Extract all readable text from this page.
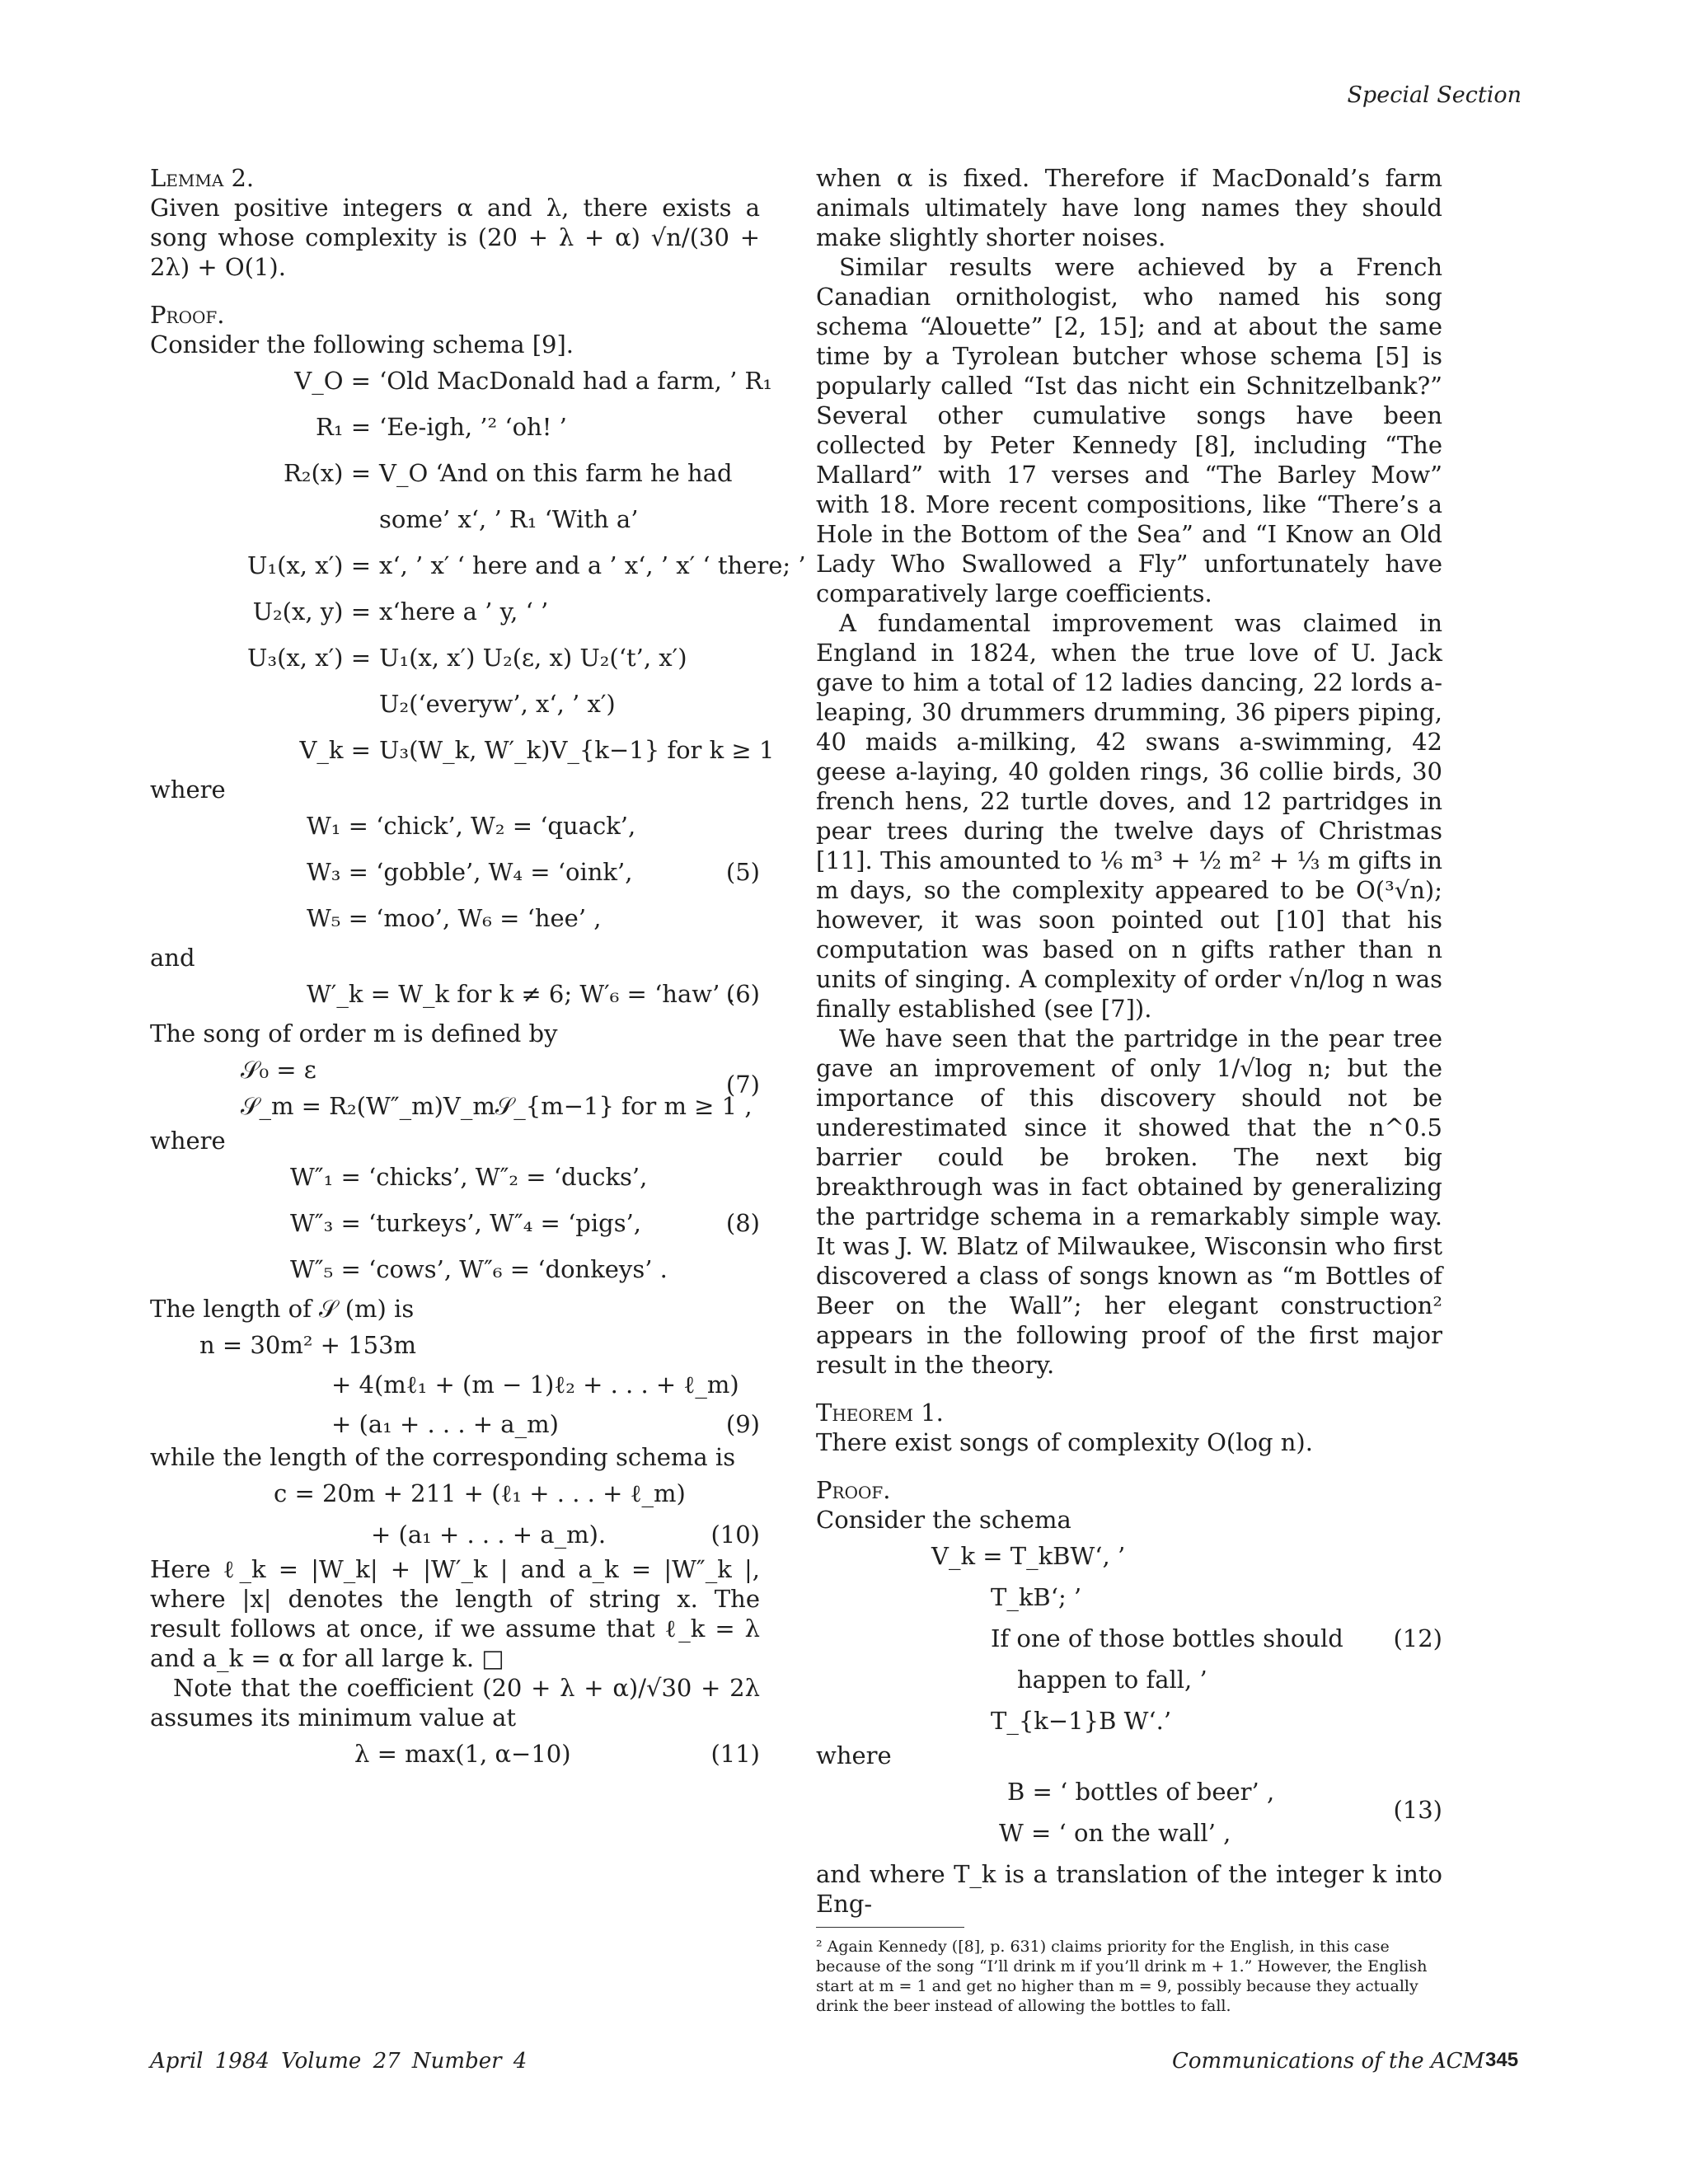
Special Section
Lemma 2.

Given positive integers α and λ, there exists a song whose complexity is (20 + λ + α) √n/(30 + 2λ) + O(1).

Proof.

Consider the following schema [9].

V_O = ‘Old MacDonald had a farm, ’ R₁
R₁ = ‘Ee-igh, ’² ‘oh! ’
R₂(x) = V_O ‘And on this farm he had
some’ x‘, ’ R₁ ‘With a’
U₁(x, x′) = x‘, ’ x′ ‘ here and a ’ x‘, ’ x′ ‘ there; ’
U₂(x, y) = x‘here a ’ y, ‘ ’
U₃(x, x′) = U₁(x, x′) U₂(ε, x) U₂(‘t’, x′)
U₂(‘everyw’, x‘, ’ x′)
V_k = U₃(W_k, W′_k)V_{k−1} for k ≥ 1
where
W₁ = ‘chick’, W₂ = ‘quack’,
W₃ = ‘gobble’, W₄ = ‘oink’,	(5)
W₅ = ‘moo’, W₆ = ‘hee’ ,
and
W′_k = W_k for k ≠ 6; W′₆ = ‘haw’ .
(6)

The song of order m is defined by

𝒮₀ = ε
(7)
𝒮_m = R₂(W″_m)V_m𝒮_{m−1} for m ≥ 1 ,
where
W″₁ = ‘chicks’, W″₂ = ‘ducks’,
W″₃ = ‘turkeys’, W″₄ = ‘pigs’,	(8)
W″₅ = ‘cows’, W″₆ = ‘donkeys’ .

The length of 𝒮 (m) is

n = 30m² + 153m
+ 4(mℓ₁ + (m − 1)ℓ₂ + . . . + ℓ_m)
+ (a₁ + . . . + a_m)	(9)

while the length of the corresponding schema is

c = 20m + 211 + (ℓ₁ + . . . + ℓ_m)
+ (a₁ + . . . + a_m).	(10)

Here ℓ_k = |W_k| + |W′_k | and a_k = |W″_k |, where |x| denotes the length of string x. The result follows at once, if we assume that ℓ_k = λ and a_k = α for all large k. □

Note that the coefficient (20 + λ + α)/√30 + 2λ assumes its minimum value at

λ = max(1, α−10)	(11)

when α is fixed. Therefore if MacDonald’s farm animals ultimately have long names they should make slightly shorter noises.

Similar results were achieved by a French Canadian ornithologist, who named his song schema “Alouette” [2, 15]; and at about the same time by a Tyrolean butcher whose schema [5] is popularly called “Ist das nicht ein Schnitzelbank?” Several other cumulative songs have been collected by Peter Kennedy [8], including “The Mallard” with 17 verses and “The Barley Mow” with 18. More recent compositions, like “There’s a Hole in the Bottom of the Sea” and “I Know an Old Lady Who Swallowed a Fly” unfortunately have comparatively large coefficients.

A fundamental improvement was claimed in England in 1824, when the true love of U. Jack gave to him a total of 12 ladies dancing, 22 lords a-leaping, 30 drummers drumming, 36 pipers piping, 40 maids a-milking, 42 swans a-swimming, 42 geese a-laying, 40 golden rings, 36 collie birds, 30 french hens, 22 turtle doves, and 12 partridges in pear trees during the twelve days of Christmas [11]. This amounted to ⅙ m³ + ½ m² + ⅓ m gifts in m days, so the complexity appeared to be O(³√n); however, it was soon pointed out [10] that his computation was based on n gifts rather than n units of singing. A complexity of order √n/log n was finally established (see [7]).

We have seen that the partridge in the pear tree gave an improvement of only 1/√log n; but the importance of this discovery should not be underestimated since it showed that the n^0.5 barrier could be broken. The next big breakthrough was in fact obtained by generalizing the partridge schema in a remarkably simple way. It was J. W. Blatz of Milwaukee, Wisconsin who first discovered a class of songs known as “m Bottles of Beer on the Wall”; her elegant construction² appears in the following proof of the first major result in the theory.

Theorem 1.

There exist songs of complexity O(log n).

Proof.

Consider the schema

V_k = T_kBW‘, ’
T_kB‘; ’
If one of those bottles should (12)
happen to fall, ’
T_{k−1}B W‘.’
where
B = ‘ bottles of beer’ ,
(13)
W = ‘ on the wall’ ,

and where T_k is a translation of the integer k into Eng-

² Again Kennedy ([8], p. 631) claims priority for the English, in this case because of the song “I’ll drink m if you’ll drink m + 1.” However, the English start at m = 1 and get no higher than m = 9, possibly because they actually drink the beer instead of allowing the bottles to fall.
April 1984 Volume 27 Number 4	Communications of the ACM 345
